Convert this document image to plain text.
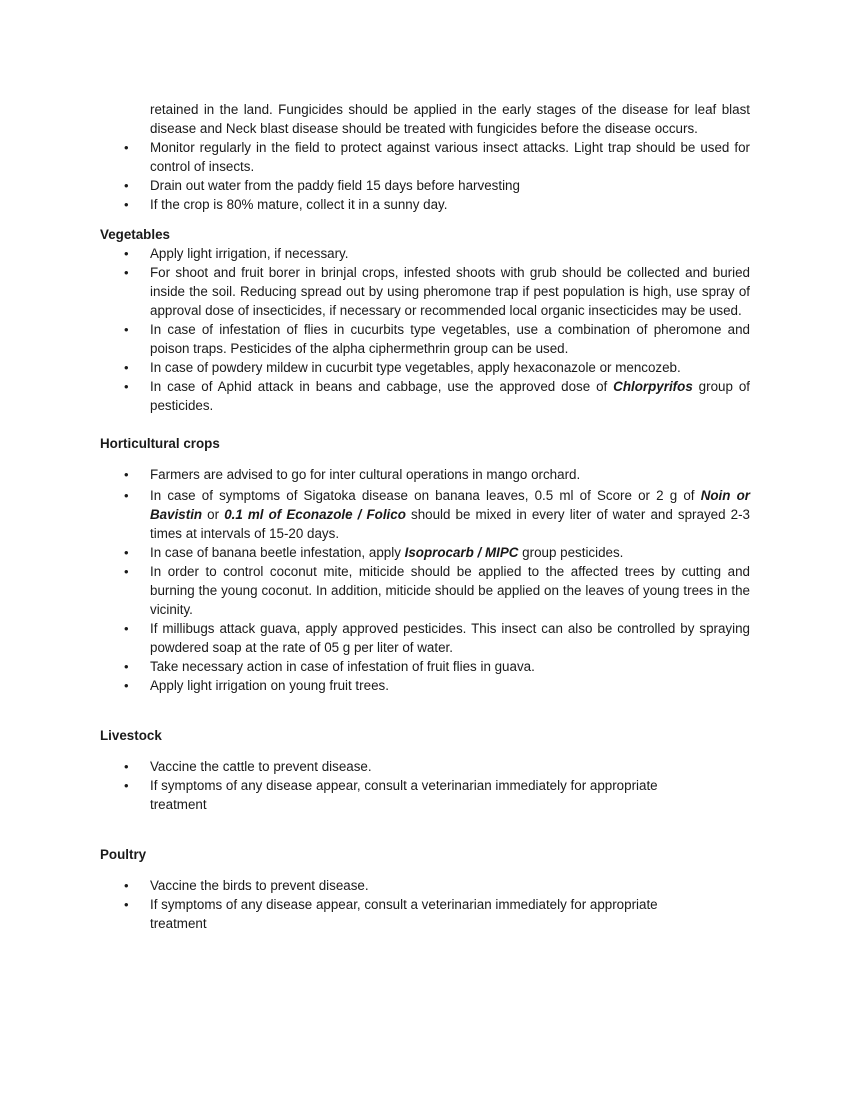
retained in the land. Fungicides should be applied in the early stages of the disease for leaf blast disease and Neck blast disease should be treated with fungicides before the disease occurs.

• Monitor regularly in the field to protect against various insect attacks. Light trap should be used for control of insects.
• Drain out water from the paddy field 15 days before harvesting
• If the crop is 80% mature, collect it in a sunny day.

Vegetables

• Apply light irrigation, if necessary.
• For shoot and fruit borer in brinjal crops, infested shoots with grub should be collected and buried inside the soil. Reducing spread out by using pheromone trap if pest population is high, use spray of approval dose of insecticides, if necessary or recommended local organic insecticides may be used.
• In case of infestation of flies in cucurbits type vegetables, use a combination of pheromone and poison traps. Pesticides of the alpha ciphermethrin group can be used.
• In case of powdery mildew in cucurbit type vegetables, apply hexaconazole or mencozeb.
• In case of Aphid attack in beans and cabbage, use the approved dose of Chlorpyrifos group of pesticides.

Horticultural crops

• Farmers are advised to go for inter cultural operations in mango orchard.
• In case of symptoms of Sigatoka disease on banana leaves, 0.5 ml of Score or 2 g of Noin or Bavistin or 0.1 ml of Econazole / Folico should be mixed in every liter of water and sprayed 2-3 times at intervals of 15-20 days.
• In case of banana beetle infestation, apply Isoprocarb / MIPC group pesticides.
• In order to control coconut mite, miticide should be applied to the affected trees by cutting and burning the young coconut. In addition, miticide should be applied on the leaves of young trees in the vicinity.
• If millibugs attack guava, apply approved pesticides. This insect can also be controlled by spraying powdered soap at the rate of 05 g per liter of water.
• Take necessary action in case of infestation of fruit flies in guava.
• Apply light irrigation on young fruit trees.

Livestock

• Vaccine the cattle to prevent disease.
• If symptoms of any disease appear, consult a veterinarian immediately for appropriate treatment

Poultry

• Vaccine the birds to prevent disease.
• If symptoms of any disease appear, consult a veterinarian immediately for appropriate treatment
